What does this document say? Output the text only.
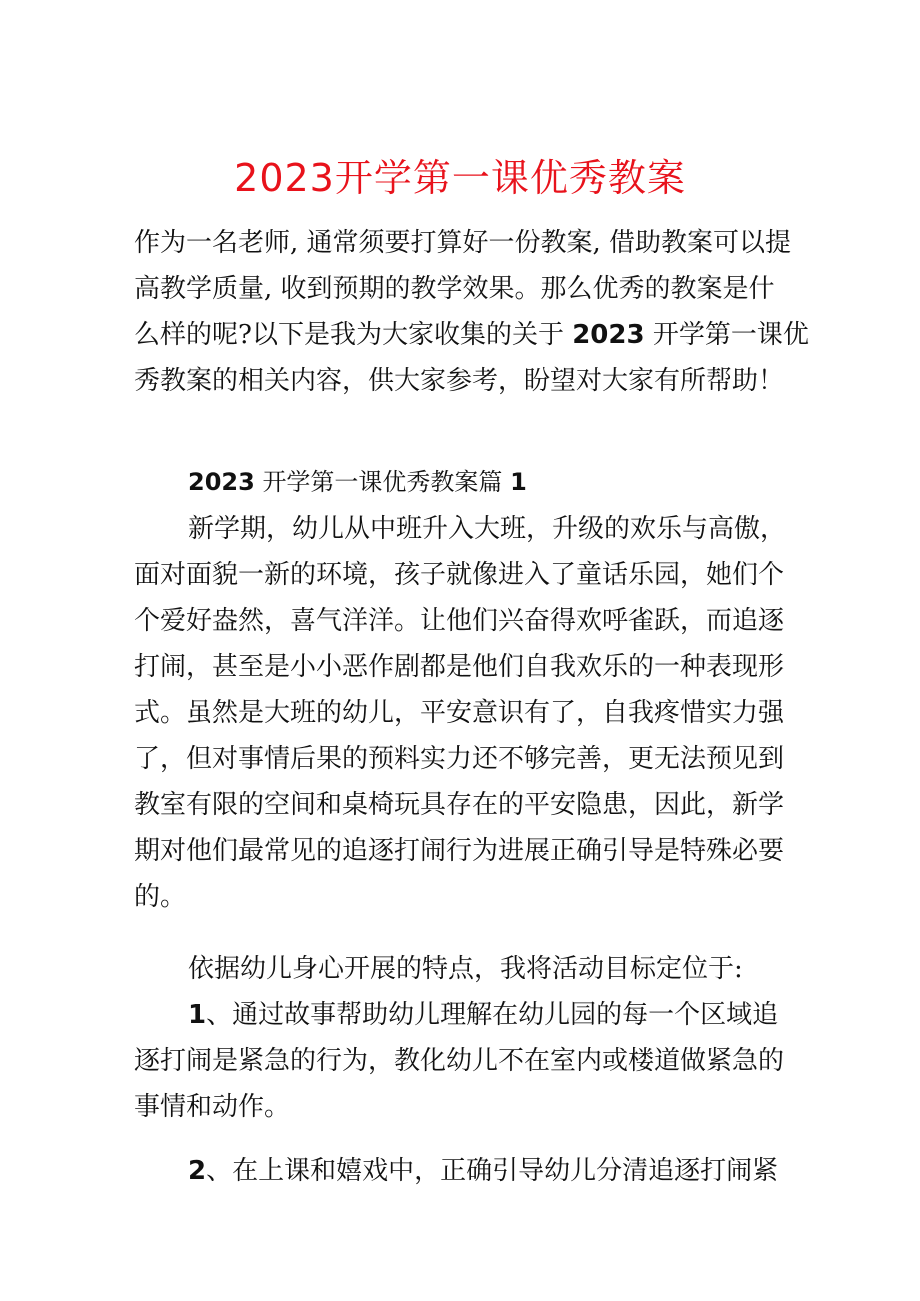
2023开学第一课优秀教案
作为一名老师, 通常须要打算好一份教案, 借助教案可以提
高教学质量, 收到预期的教学效果。那么优秀的教案是什
么样的呢?以下是我为大家收集的关于 2023 开学第一课优
秀教案的相关内容，供大家参考，盼望对大家有所帮助！
2023 开学第一课优秀教案篇 1
新学期，幼儿从中班升入大班，升级的欢乐与高傲，
面对面貌一新的环境，孩子就像进入了童话乐园，她们个
个爱好盎然，喜气洋洋。让他们兴奋得欢呼雀跃，而追逐
打闹，甚至是小小恶作剧都是他们自我欢乐的一种表现形
式。虽然是大班的幼儿，平安意识有了，自我疼惜实力强
了，但对事情后果的预料实力还不够完善，更无法预见到
教室有限的空间和桌椅玩具存在的平安隐患，因此，新学
期对他们最常见的追逐打闹行为进展正确引导是特殊必要
的。
依据幼儿身心开展的特点，我将活动目标定位于:
1、通过故事帮助幼儿理解在幼儿园的每一个区域追
逐打闹是紧急的行为，教化幼儿不在室内或楼道做紧急的
事情和动作。
2、在上课和嬉戏中，正确引导幼儿分清追逐打闹紧
